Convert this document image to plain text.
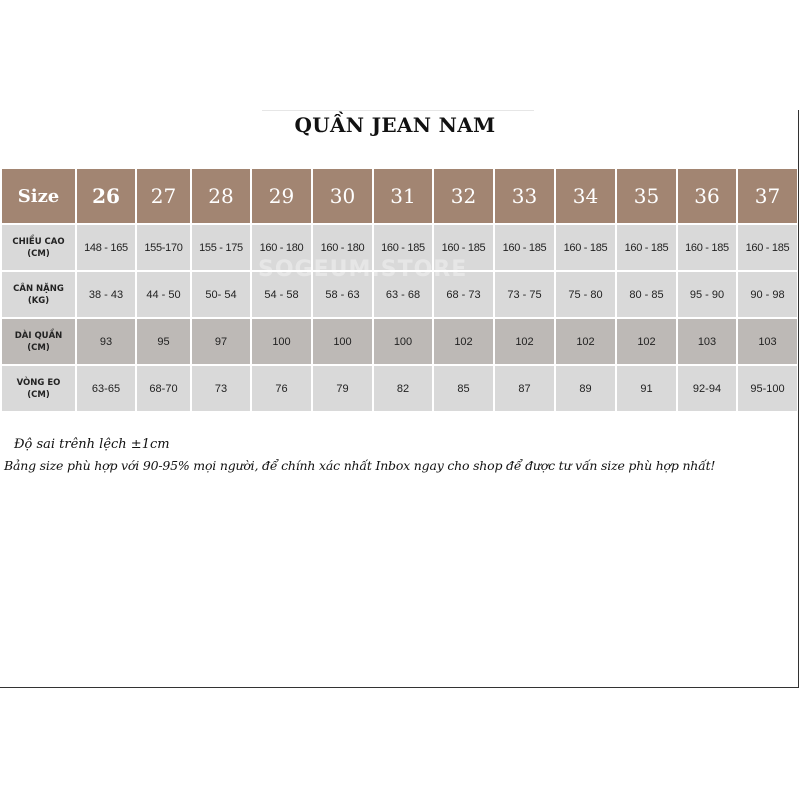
QUẦN JEAN NAM
Size	26	27	28	29	30	31	32	33	34	35	36	37
CHIỀU CAO
(CM)	148 - 165	155-170	155 - 175	160 - 180	160 - 180	160 - 185	160 - 185	160 - 185	160 - 185	160 - 185	160 - 185	160 - 185
CÂN NẶNG
(KG)	38 - 43	44 - 50	50- 54	54 - 58	58 - 63	63 - 68	68 - 73	73 - 75	75 - 80	80 - 85	95 - 90	90 - 98
DÀI QUẦN
(CM)	93	95	97	100	100	100	102	102	102	102	103	103
VÒNG EO
(CM)	63-65	68-70	73	76	79	82	85	87	89	91	92-94	95-100
SOGEUM.STORE
Độ sai trênh lệch ±1cm
Bảng size phù hợp với 90-95% mọi người, để chính xác nhất Inbox ngay cho shop để được tư vấn size phù hợp nhất!
